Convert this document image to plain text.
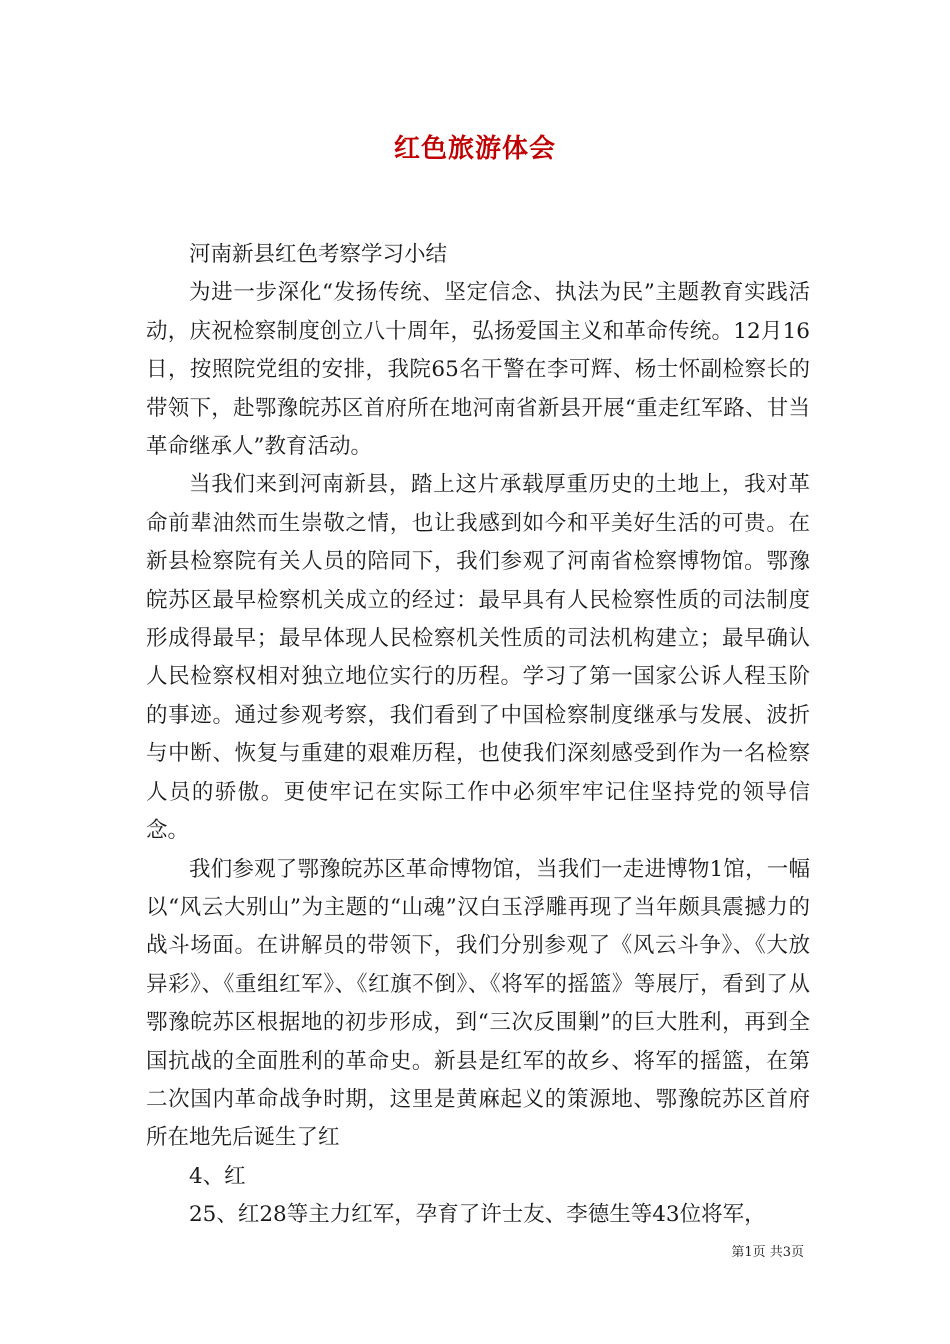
红色旅游体会

河南新县红色考察学习小结

为进一步深化“发扬传统、坚定信念、执法为民”主题教育实践活动，庆祝检察制度创立八十周年，弘扬爱国主义和革命传统。12月16日，按照院党组的安排，我院65名干警在李可辉、杨士怀副检察长的带领下，赴鄂豫皖苏区首府所在地河南省新县开展“重走红军路、甘当革命继承人”教育活动。

当我们来到河南新县，踏上这片承载厚重历史的土地上，我对革命前辈油然而生崇敬之情，也让我感到如今和平美好生活的可贵。在新县检察院有关人员的陪同下，我们参观了河南省检察博物馆。鄂豫皖苏区最早检察机关成立的经过：最早具有人民检察性质的司法制度形成得最早；最早体现人民检察机关性质的司法机构建立；最早确认人民检察权相对独立地位实行的历程。学习了第一国家公诉人程玉阶的事迹。通过参观考察，我们看到了中国检察制度继承与发展、波折与中断、恢复与重建的艰难历程，也使我们深刻感受到作为一名检察人员的骄傲。更使牢记在实际工作中必须牢牢记住坚持党的领导信念。

我们参观了鄂豫皖苏区革命博物馆，当我们一走进博物1馆，一幅以“风云大别山”为主题的“山魂”汉白玉浮雕再现了当年颇具震撼力的战斗场面。在讲解员的带领下，我们分别参观了《风云斗争》、《大放异彩》、《重组红军》、《红旗不倒》、《将军的摇篮》等展厅，看到了从鄂豫皖苏区根据地的初步形成，到“三次反围剿”的巨大胜利，再到全国抗战的全面胜利的革命史。新县是红军的故乡、将军的摇篮，在第二次国内革命战争时期，这里是黄麻起义的策源地、鄂豫皖苏区首府所在地先后诞生了红

4、红

25、红28等主力红军，孕育了许士友、李德生等43位将军，

第1页 共3页
